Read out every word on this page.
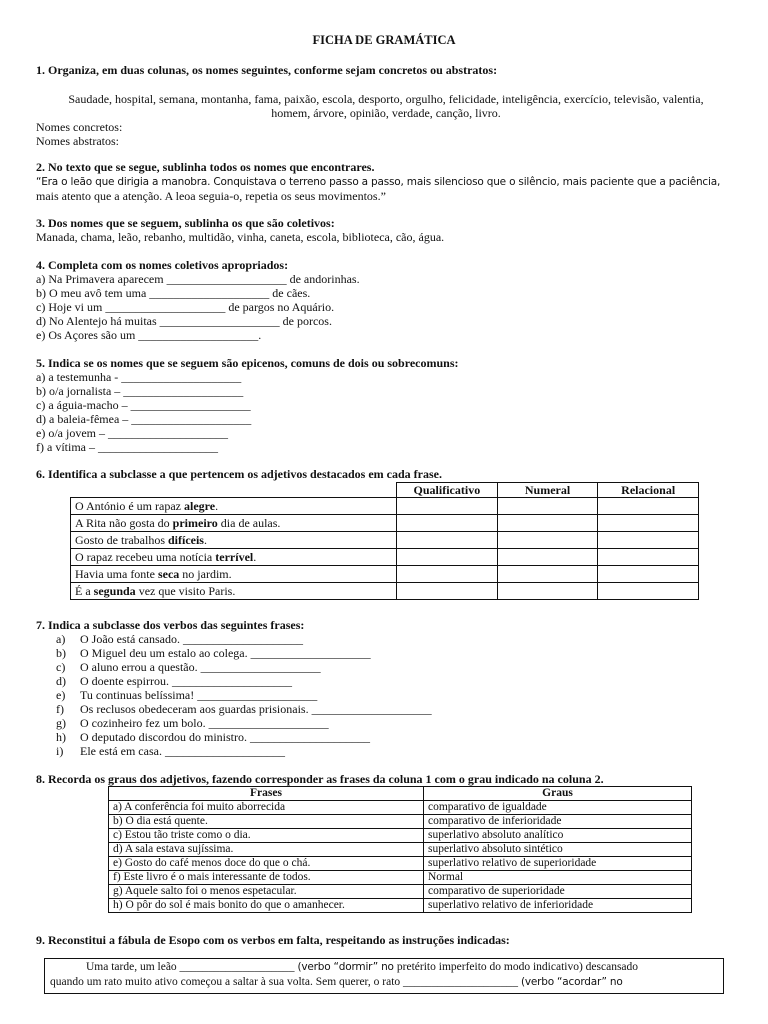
FICHA DE GRAMÁTICA
1. Organiza, em duas colunas, os nomes seguintes, conforme sejam concretos ou abstratos:
Saudade, hospital, semana, montanha, fama, paixão, escola, desporto, orgulho, felicidade, inteligência, exercício, televisão, valentia,
homem, árvore, opinião, verdade, canção, livro.
Nomes concretos:
Nomes abstratos:
2. No texto que se segue, sublinha todos os nomes que encontrares.
“Era o leão que dirigia a manobra. Conquistava o terreno passo a passo, mais silencioso que o silêncio, mais paciente que a paciência,
mais atento que a atenção. A leoa seguia-o, repetia os seus movimentos.”
3. Dos nomes que se seguem, sublinha os que são coletivos:
Manada, chama, leão, rebanho, multidão, vinha, caneta, escola, biblioteca, cão, água.
4. Completa com os nomes coletivos apropriados:
a) Na Primavera aparecem ____________________ de andorinhas.
b) O meu avô tem uma ____________________ de cães.
c) Hoje vi um ____________________ de pargos no Aquário.
d) No Alentejo há muitas ____________________ de porcos.
e) Os Açores são um ____________________.
5. Indica se os nomes que se seguem são epicenos, comuns de dois ou sobrecomuns:
a) a testemunha - ____________________
b) o/a jornalista – ____________________
c) a águia-macho – ____________________
d) a baleia-fêmea – ____________________
e) o/a jovem – ____________________
f) a vítima – ____________________
6. Identifica a subclasse a que pertencem os adjetivos destacados em cada frase.
	Qualificativo	Numeral	Relacional
O António é um rapaz alegre.			
A Rita não gosta do primeiro dia de aulas.			
Gosto de trabalhos difíceis.			
O rapaz recebeu uma notícia terrível.			
Havia uma fonte seca no jardim.			
É a segunda vez que visito Paris.			
7. Indica a subclasse dos verbos das seguintes frases:
a) O João está cansado. ____________________
b) O Miguel deu um estalo ao colega. ____________________
c) O aluno errou a questão. ____________________
d) O doente espirrou. ____________________
e) Tu continuas belíssima! ____________________
f) Os reclusos obedeceram aos guardas prisionais. ____________________
g) O cozinheiro fez um bolo. ____________________
h) O deputado discordou do ministro. ____________________
i) Ele está em casa. ____________________
8. Recorda os graus dos adjetivos, fazendo corresponder as frases da coluna 1 com o grau indicado na coluna 2.
Frases	Graus
a) A conferência foi muito aborrecida	comparativo de igualdade
b) O dia está quente.	comparativo de inferioridade
c) Estou tão triste como o dia.	superlativo absoluto analítico
d) A sala estava sujíssima.	superlativo absoluto sintético
e) Gosto do café menos doce do que o chá.	superlativo relativo de superioridade
f) Este livro é o mais interessante de todos.	Normal
g) Aquele salto foi o menos espetacular.	comparativo de superioridade
h) O pôr do sol é mais bonito do que o amanhecer.	superlativo relativo de inferioridade
9. Reconstitui a fábula de Esopo com os verbos em falta, respeitando as instruções indicadas:
Uma tarde, um leão ____________________ (verbo “dormir” no pretérito imperfeito do modo indicativo) descansado
quando um rato muito ativo começou a saltar à sua volta. Sem querer, o rato ____________________ (verbo “acordar” no
